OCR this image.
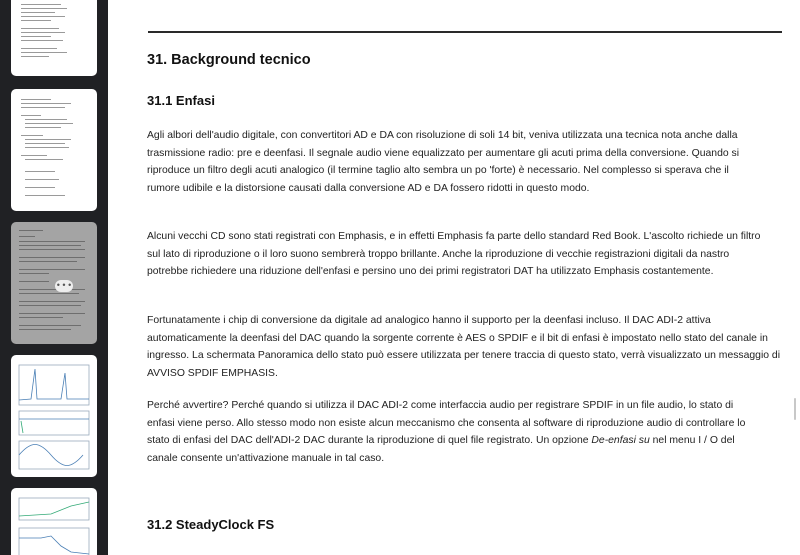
• • •
31. Background tecnico
31.1 Enfasi

Agli albori dell'audio digitale, con convertitori AD e DA con risoluzione di soli 14 bit, veniva utilizzata una tecnica nota anche dalla
trasmissione radio: pre e deenfasi. Il segnale audio viene equalizzato per aumentare gli acuti prima della conversione. Quando si
riproduce un filtro degli acuti analogico (il termine taglio alto sembra un po 'forte) è necessario. Nel complesso si sperava che il
rumore udibile e la distorsione causati dalla conversione AD e DA fossero ridotti in questo modo.

Alcuni vecchi CD sono stati registrati con Emphasis, e in effetti Emphasis fa parte dello standard Red Book. L'ascolto richiede un filtro
sul lato di riproduzione o il loro suono sembrerà troppo brillante. Anche la riproduzione di vecchie registrazioni digitali da nastro
potrebbe richiedere una riduzione dell'enfasi e persino uno dei primi registratori DAT ha utilizzato Emphasis costantemente.

Fortunatamente i chip di conversione da digitale ad analogico hanno il supporto per la deenfasi incluso. Il DAC ADI-2 attiva
automaticamente la deenfasi del DAC quando la sorgente corrente è AES o SPDIF e il bit di enfasi è impostato nello stato del canale in
ingresso. La schermata Panoramica dello stato può essere utilizzata per tenere traccia di questo stato, verrà visualizzato un messaggio di
AVVISO SPDIF EMPHASIS.

Perché avvertire? Perché quando si utilizza il DAC ADI-2 come interfaccia audio per registrare SPDIF in un file audio, lo stato di
enfasi viene perso. Allo stesso modo non esiste alcun meccanismo che consenta al software di riproduzione audio di controllare lo
stato di enfasi del DAC dell'ADI-2 DAC durante la riproduzione di quel file registrato. Un opzione De-enfasi su nel menu I / O del
canale consente un'attivazione manuale in tal caso.

31.2 SteadyClock FS
